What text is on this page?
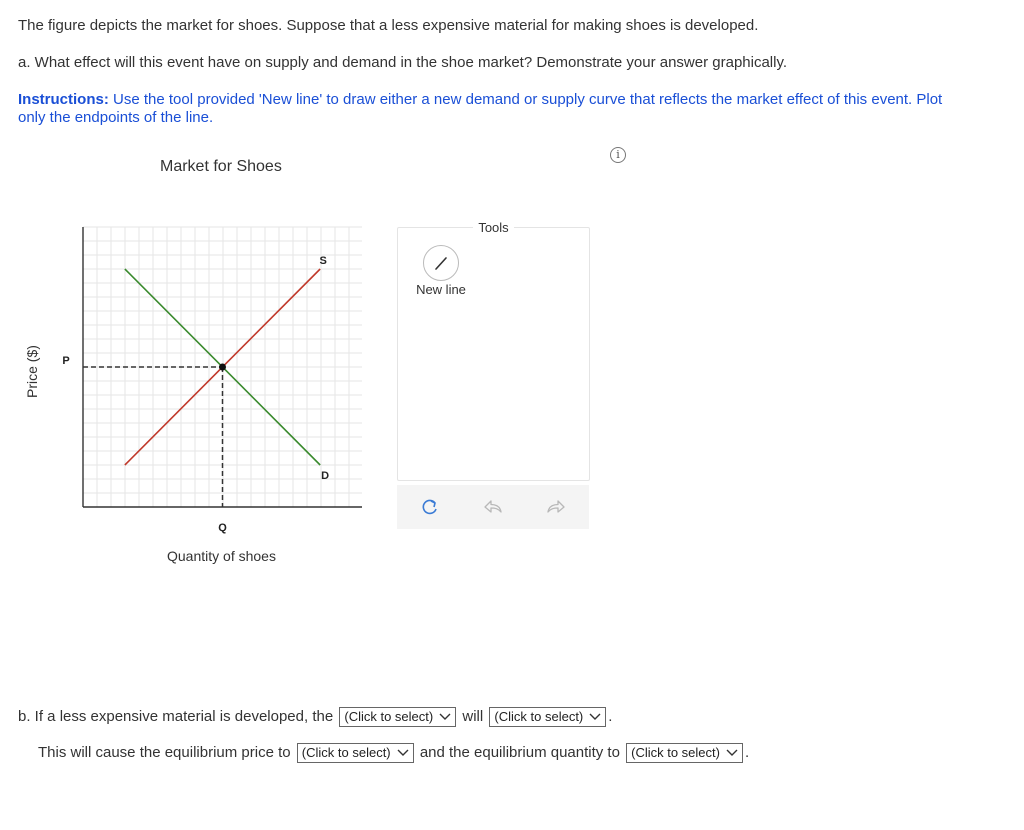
The figure depicts the market for shoes. Suppose that a less expensive material for making shoes is developed.
a. What effect will this event have on supply and demand in the shoe market? Demonstrate your answer graphically.
Instructions: Use the tool provided 'New line' to draw either a new demand or supply curve that reflects the market effect of this event. Plot only the endpoints of the line.
i
Market for Shoes
Price ($)
Quantity of shoes
S
D
P
Q
Tools
New line
b. If a less expensive material is developed, the (Click to select) will (Click to select) .
This will cause the equilibrium price to (Click to select) and the equilibrium quantity to (Click to select) .
